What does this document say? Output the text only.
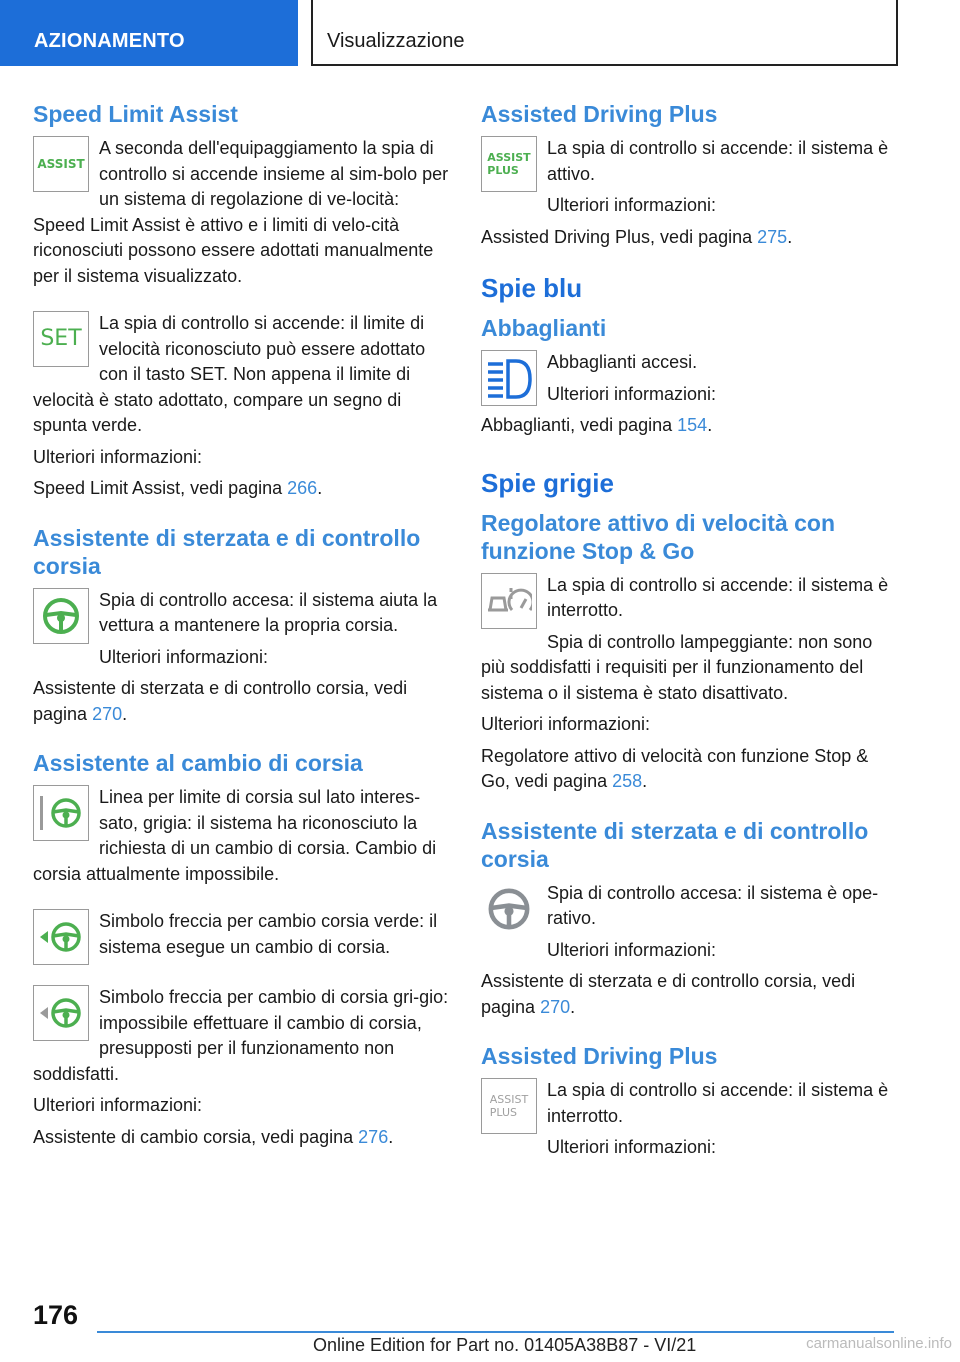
AZIONAMENTO	Visualizzazione
Speed Limit Assist
ASSIST

A seconda dell'equipaggiamento la spia di controllo si accende insieme al sim-bolo per un sistema di regolazione di ve-locità: Speed Limit Assist è attivo e i limiti di velo-cità riconosciuti possono essere adottati manualmente per il sistema visualizzato.

SET

La spia di controllo si accende: il limite di velocità riconosciuto può essere adottato con il tasto SET. Non appena il limite di velocità è stato adottato, compare un segno di spunta verde.

Ulteriori informazioni:

Speed Limit Assist, vedi pagina 266.

Assistente di sterzata e di controllo corsia

Spia di controllo accesa: il sistema aiuta la vettura a mantenere la propria corsia.

Ulteriori informazioni:

Assistente di sterzata e di controllo corsia, vedi pagina 270.

Assistente al cambio di corsia

Linea per limite di corsia sul lato interes-sato, grigia: il sistema ha riconosciuto la richiesta di un cambio di corsia. Cambio di corsia attualmente impossibile.

Simbolo freccia per cambio corsia verde: il sistema esegue un cambio di corsia.

Simbolo freccia per cambio di corsia gri-gio: impossibile effettuare il cambio di corsia, presupposti per il funzionamento non soddisfatti.

Ulteriori informazioni:

Assistente di cambio corsia, vedi pagina 276.

Assisted Driving Plus
ASSIST
PLUS

La spia di controllo si accende: il sistema è attivo.

Ulteriori informazioni:

Assisted Driving Plus, vedi pagina 275.

Spie blu
Abbaglianti

Abbaglianti accesi.

Ulteriori informazioni:

Abbaglianti, vedi pagina 154.

Spie grigie
Regolatore attivo di velocità con funzione Stop & Go

La spia di controllo si accende: il sistema è interrotto.

Spia di controllo lampeggiante: non sono più soddisfatti i requisiti per il funzionamento del sistema o il sistema è stato disattivato.

Ulteriori informazioni:

Regolatore attivo di velocità con funzione Stop & Go, vedi pagina 258.

Assistente di sterzata e di controllo corsia

Spia di controllo accesa: il sistema è ope-rativo.

Ulteriori informazioni:

Assistente di sterzata e di controllo corsia, vedi pagina 270.

Assisted Driving Plus
ASSIST
PLUS

La spia di controllo si accende: il sistema è interrotto.

Ulteriori informazioni:

176
Online Edition for Part no. 01405A38B87 - VI/21	carmanualsonline.info
